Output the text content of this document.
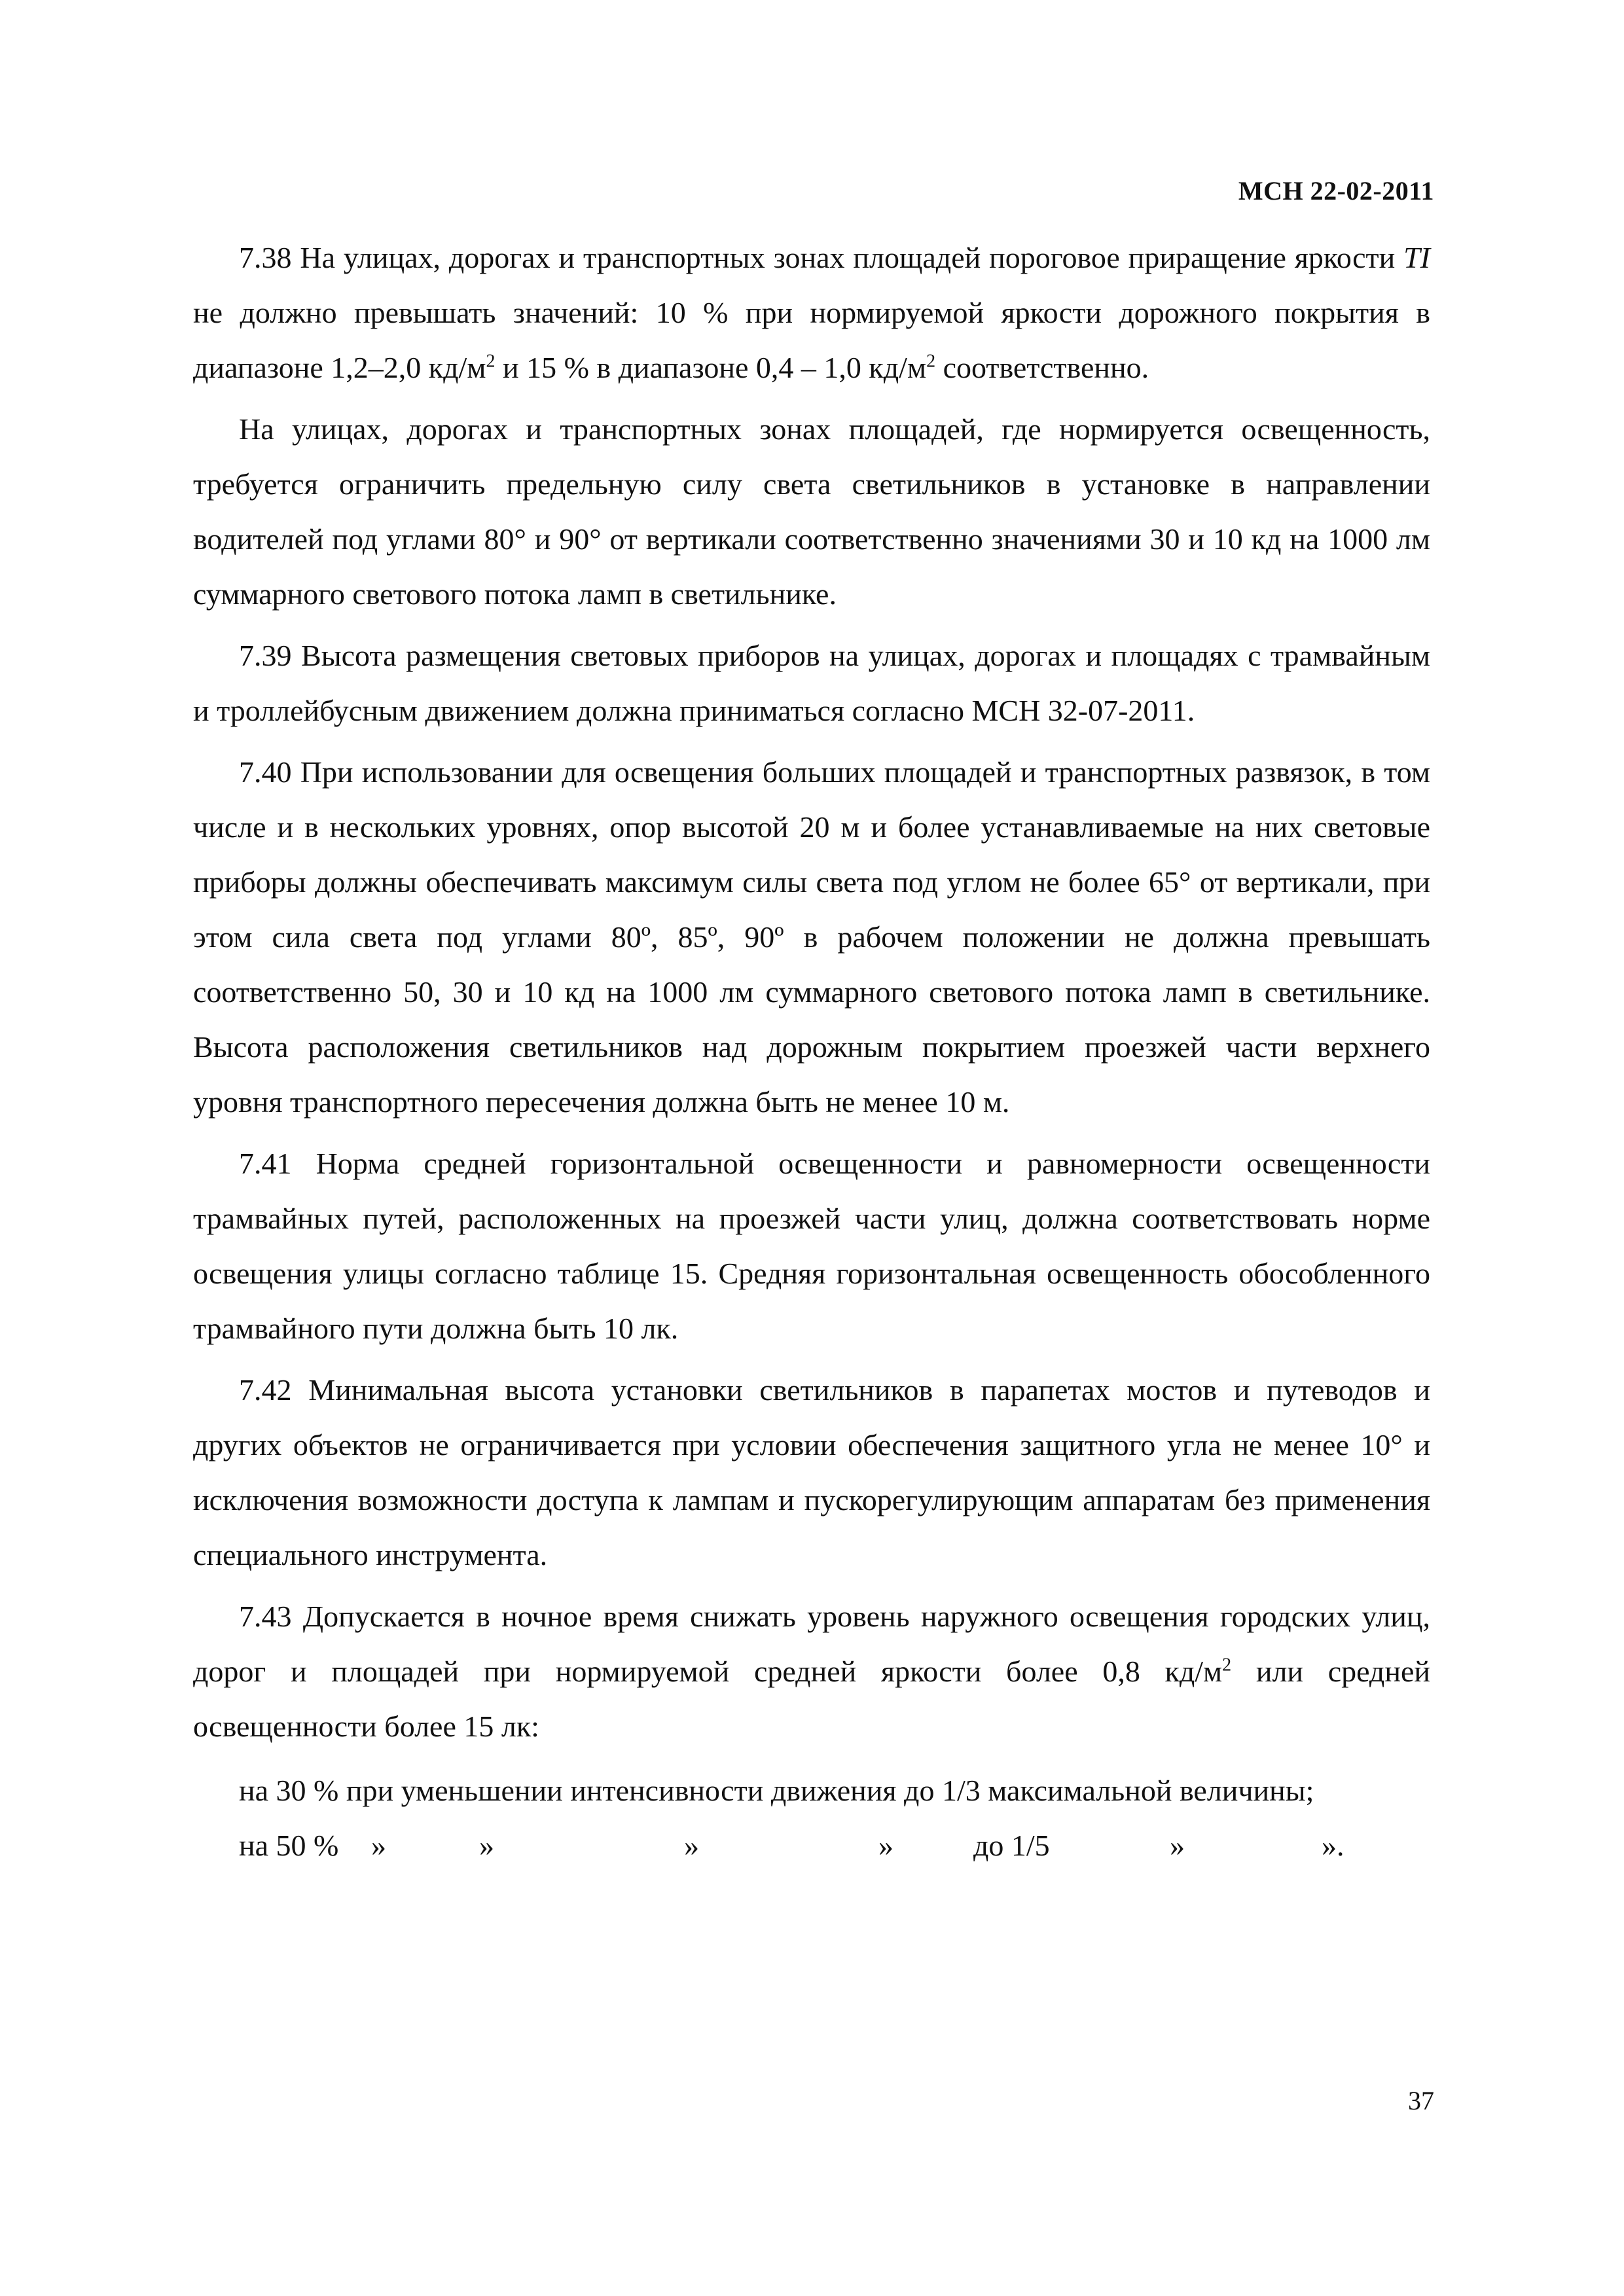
МСН 22-02-2011

7.38 На улицах, дорогах и транспортных зонах площадей пороговое приращение яркости TI не должно превышать значений: 10 % при нормируемой яркости дорожного покрытия в диапазоне 1,2–2,0 $кд/м^2$ и 15 % в диапазоне 0,4 – 1,0 $кд/м^2$ соответственно.

На улицах, дорогах и транспортных зонах площадей, где нормируется освещенность, требуется ограничить предельную силу света светильников в установке в направлении водителей под углами 80° и 90° от вертикали соответственно значениями 30 и 10 кд на 1000 лм суммарного светового потока ламп в светильнике.

7.39 Высота размещения световых приборов на улицах, дорогах и площадях с трамвайным и троллейбусным движением должна приниматься согласно МСН 32-07-2011.

7.40 При использовании для освещения больших площадей и транспортных развязок, в том числе и в нескольких уровнях, опор высотой 20 м и более устанавливаемые на них световые приборы должны обеспечивать максимум силы света под углом не более 65° от вертикали, при этом сила света под углами 80º, 85º, 90º в рабочем положении не должна превышать соответственно 50, 30 и 10 кд на 1000 лм суммарного светового потока ламп в светильнике. Высота расположения светильников над дорожным покрытием проезжей части верхнего уровня транспортного пересечения должна быть не менее 10 м.

7.41 Норма средней горизонтальной освещенности и равномерности освещенности трамвайных путей, расположенных на проезжей части улиц, должна соответствовать норме освещения улицы согласно таблице 15. Средняя горизонтальная освещенность обособленного трамвайного пути должна быть 10 лк.

7.42 Минимальная высота установки светильников в парапетах мостов и путеводов и других объектов не ограничивается при условии обеспечения защитного угла не менее 10° и исключения возможности доступа к лампам и пускорегулирующим аппаратам без применения специального инструмента.

7.43 Допускается в ночное время снижать уровень наружного освещения городских улиц, дорог и площадей при нормируемой средней яркости более 0,8 $кд/м^2$ или средней освещенности более 15 лк:

на 30 % при уменьшении интенсивности движения до 1/3 максимальной величины;
на 50 %	»	»	»	»	до 1/5	»	».
37
